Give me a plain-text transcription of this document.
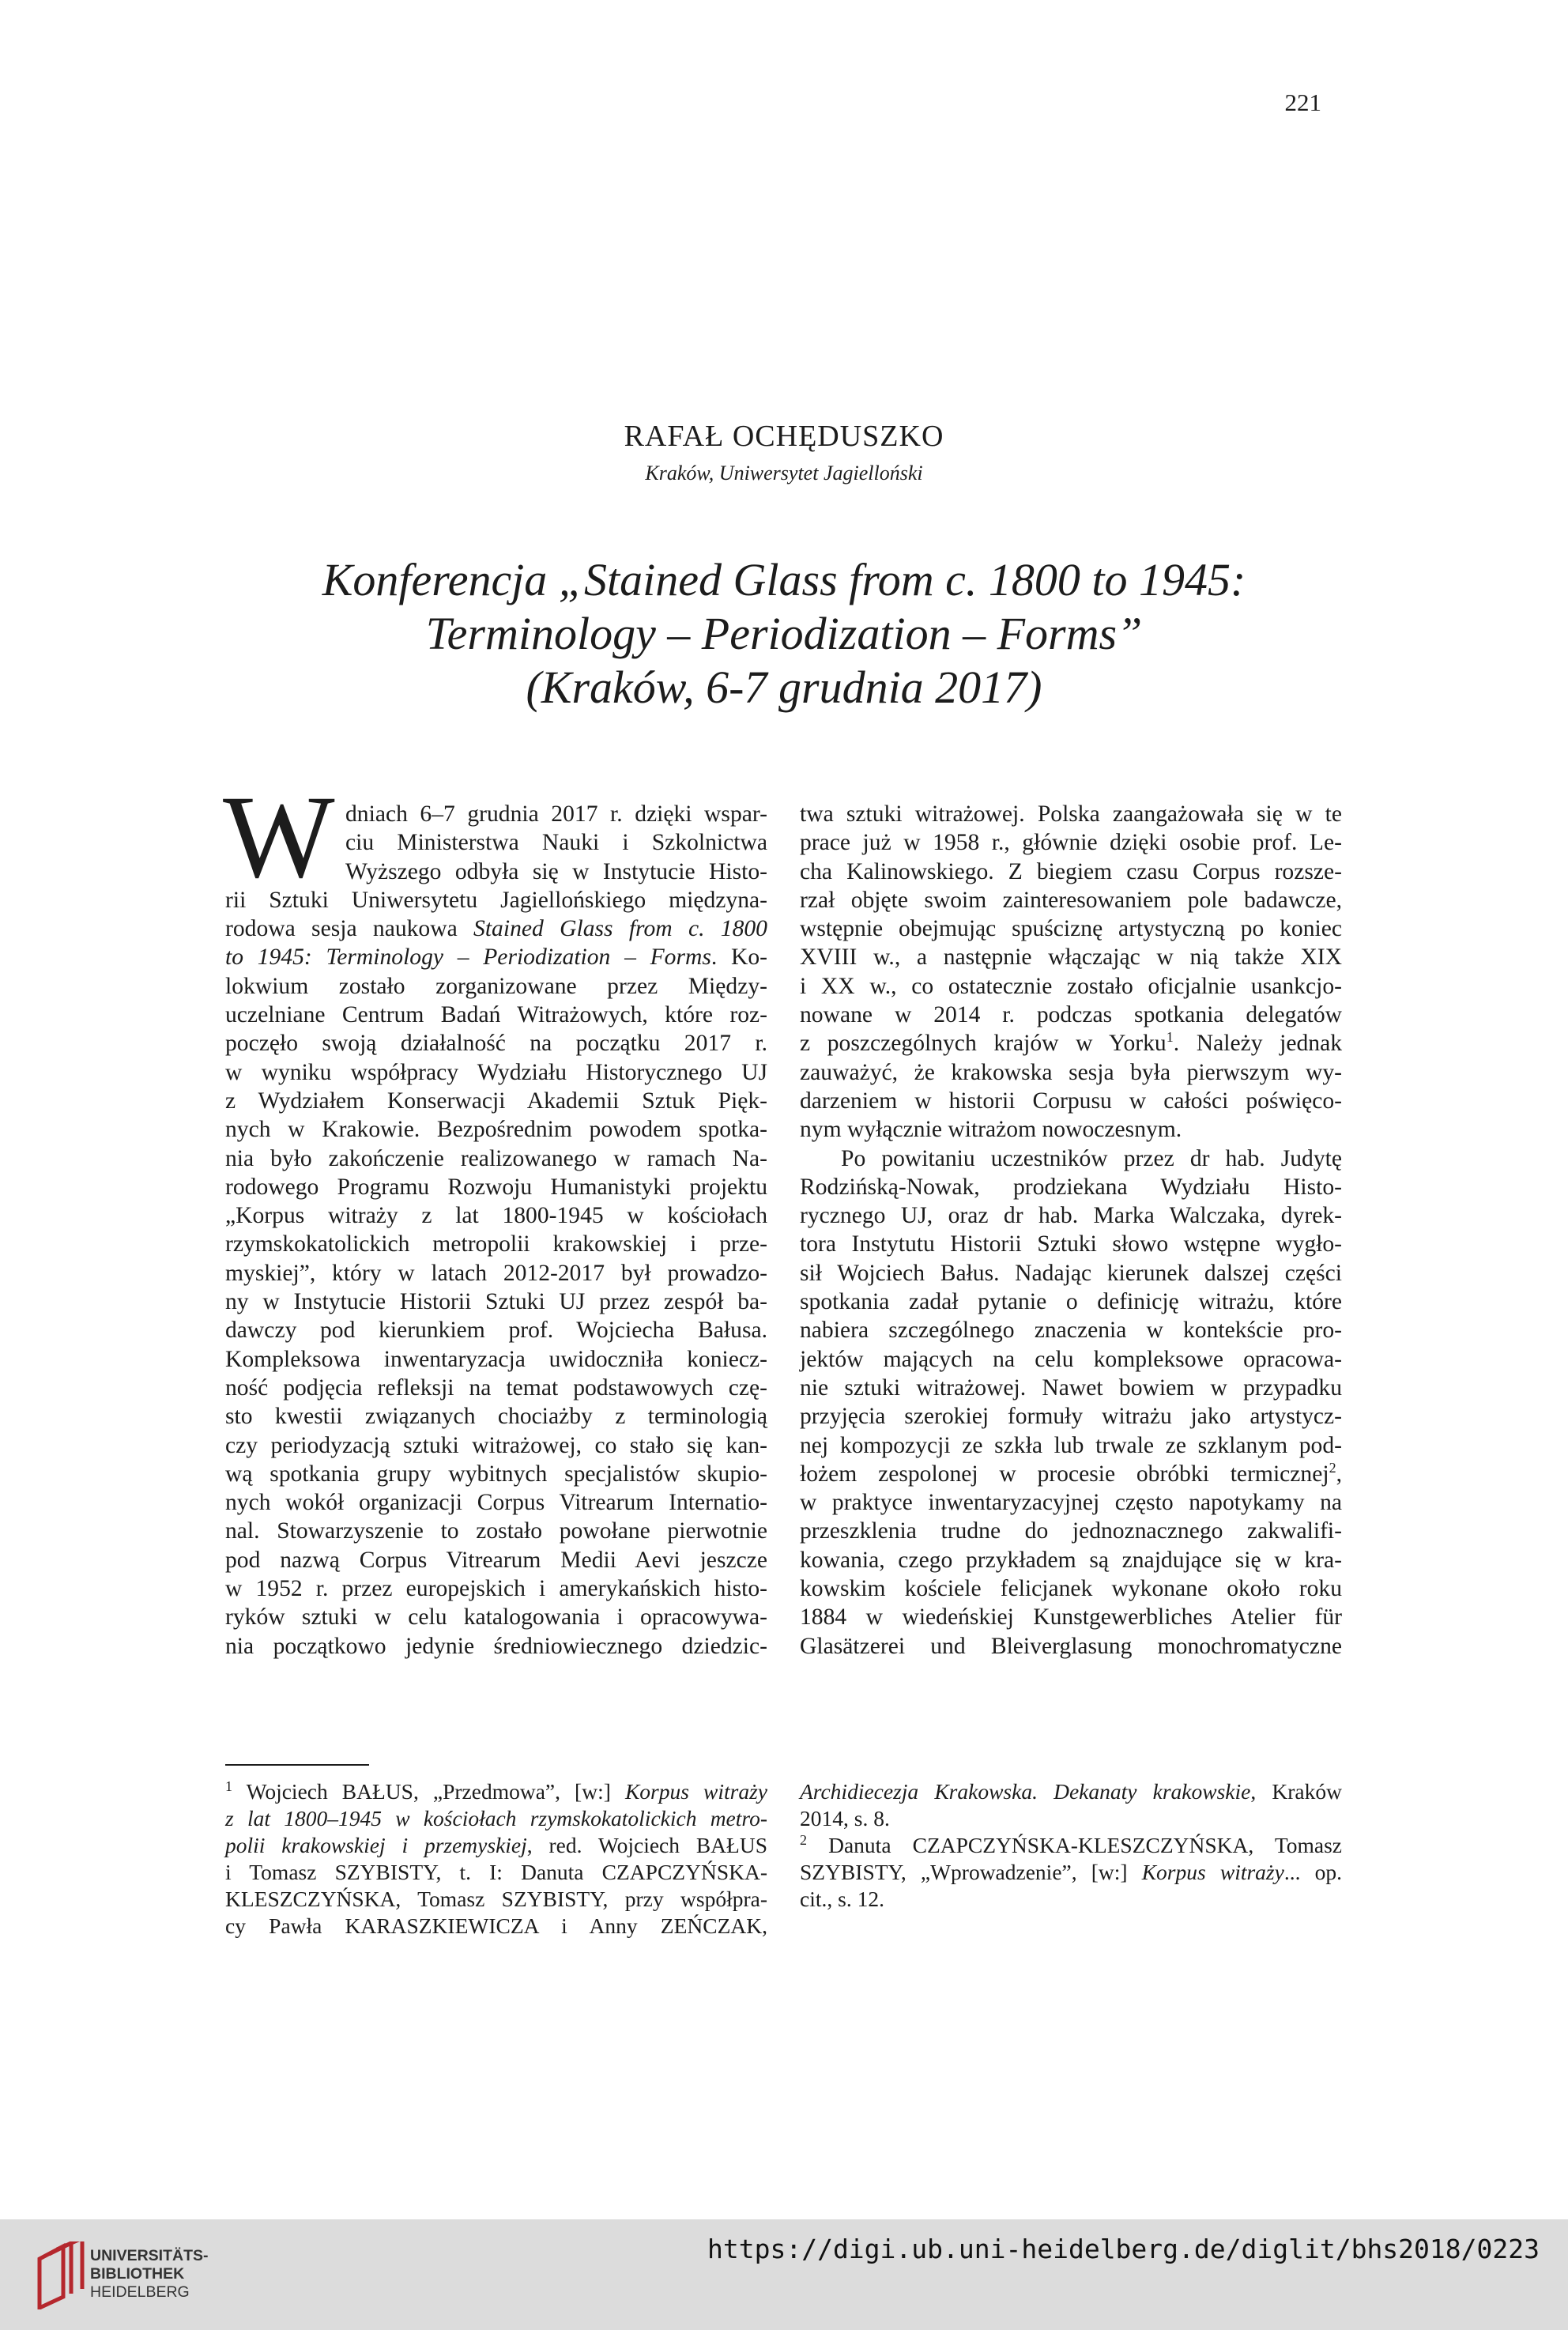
221
RAFAŁ OCHĘDUSZKO
Kraków, Uniwersytet Jagielloński
Konferencja „Stained Glass from c. 1800 to 1945:
Terminology – Periodization – Forms”
(Kraków, 6-7 grudnia 2017)
W dniach 6–7 grudnia 2017 r. dzięki wspar-
ciu Ministerstwa Nauki i Szkolnictwa
Wyższego odbyła się w Instytucie Histo-
rii Sztuki Uniwersytetu Jagiellońskiego międzyna-
rodowa sesja naukowa Stained Glass from c. 1800
to 1945: Terminology – Periodization – Forms. Ko-
lokwium zostało zorganizowane przez Między-
uczelniane Centrum Badań Witrażowych, które roz-
poczęło swoją działalność na początku 2017 r.
w wyniku współpracy Wydziału Historycznego UJ
z Wydziałem Konserwacji Akademii Sztuk Pięk-
nych w Krakowie. Bezpośrednim powodem spotka-
nia było zakończenie realizowanego w ramach Na-
rodowego Programu Rozwoju Humanistyki projektu
„Korpus witraży z lat 1800-1945 w kościołach
rzymskokatolickich metropolii krakowskiej i prze-
myskiej”, który w latach 2012-2017 był prowadzo-
ny w Instytucie Historii Sztuki UJ przez zespół ba-
dawczy pod kierunkiem prof. Wojciecha Bałusa.
Kompleksowa inwentaryzacja uwidoczniła koniecz-
ność podjęcia refleksji na temat podstawowych czę-
sto kwestii związanych chociażby z terminologią
czy periodyzacją sztuki witrażowej, co stało się kan-
wą spotkania grupy wybitnych specjalistów skupio-
nych wokół organizacji Corpus Vitrearum Internatio-
nal. Stowarzyszenie to zostało powołane pierwotnie
pod nazwą Corpus Vitrearum Medii Aevi jeszcze
w 1952 r. przez europejskich i amerykańskich histo-
ryków sztuki w celu katalogowania i opracowywa-
nia początkowo jedynie średniowiecznego dziedzic-
twa sztuki witrażowej. Polska zaangażowała się w te
prace już w 1958 r., głównie dzięki osobie prof. Le-
cha Kalinowskiego. Z biegiem czasu Corpus rozsze-
rzał objęte swoim zainteresowaniem pole badawcze,
wstępnie obejmując spuściznę artystyczną po koniec
XVIII w., a następnie włączając w nią także XIX
i XX w., co ostatecznie zostało oficjalnie usankcjo-
nowane w 2014 r. podczas spotkania delegatów
z poszczególnych krajów w Yorku$^1$. Należy jednak
zauważyć, że krakowska sesja była pierwszym wy-
darzeniem w historii Corpusu w całości poświęco-
nym wyłącznie witrażom nowoczesnym.
Po powitaniu uczestników przez dr hab. Judytę
Rodzińską-Nowak, prodziekana Wydziału Histo-
rycznego UJ, oraz dr hab. Marka Walczaka, dyrek-
tora Instytutu Historii Sztuki słowo wstępne wygło-
sił Wojciech Bałus. Nadając kierunek dalszej części
spotkania zadał pytanie o definicję witrażu, które
nabiera szczególnego znaczenia w kontekście pro-
jektów mających na celu kompleksowe opracowa-
nie sztuki witrażowej. Nawet bowiem w przypadku
przyjęcia szerokiej formuły witrażu jako artystycz-
nej kompozycji ze szkła lub trwale ze szklanym pod-
łożem zespolonej w procesie obróbki termicznej$^2$,
w praktyce inwentaryzacyjnej często napotykamy na
przeszklenia trudne do jednoznacznego zakwalifi-
kowania, czego przykładem są znajdujące się w kra-
kowskim kościele felicjanek wykonane około roku
1884 w wiedeńskiej Kunstgewerbliches Atelier für
Glasätzerei und Bleiverglasung monochromatyczne
$^1$ Wojciech BAŁUS, „Przedmowa”, [w:] Korpus witraży
z lat 1800–1945 w kościołach rzymskokatolickich metro-
polii krakowskiej i przemyskiej, red. Wojciech BAŁUS
i Tomasz SZYBISTY, t. I: Danuta CZAPCZYŃSKA-
KLESZCZYŃSKA, Tomasz SZYBISTY, przy współpra-
cy Pawła KARASZKIEWICZA i Anny ZEŃCZAK,
Archidiecezja Krakowska. Dekanaty krakowskie, Kraków
2014, s. 8.
$^2$ Danuta CZAPCZYŃSKA-KLESZCZYŃSKA, Tomasz
SZYBISTY, „Wprowadzenie”, [w:] Korpus witraży... op.
cit., s. 12.
UNIVERSITÄTS-
BIBLIOTHEK
HEIDELBERG
https://digi.ub.uni-heidelberg.de/diglit/bhs2018/0223
